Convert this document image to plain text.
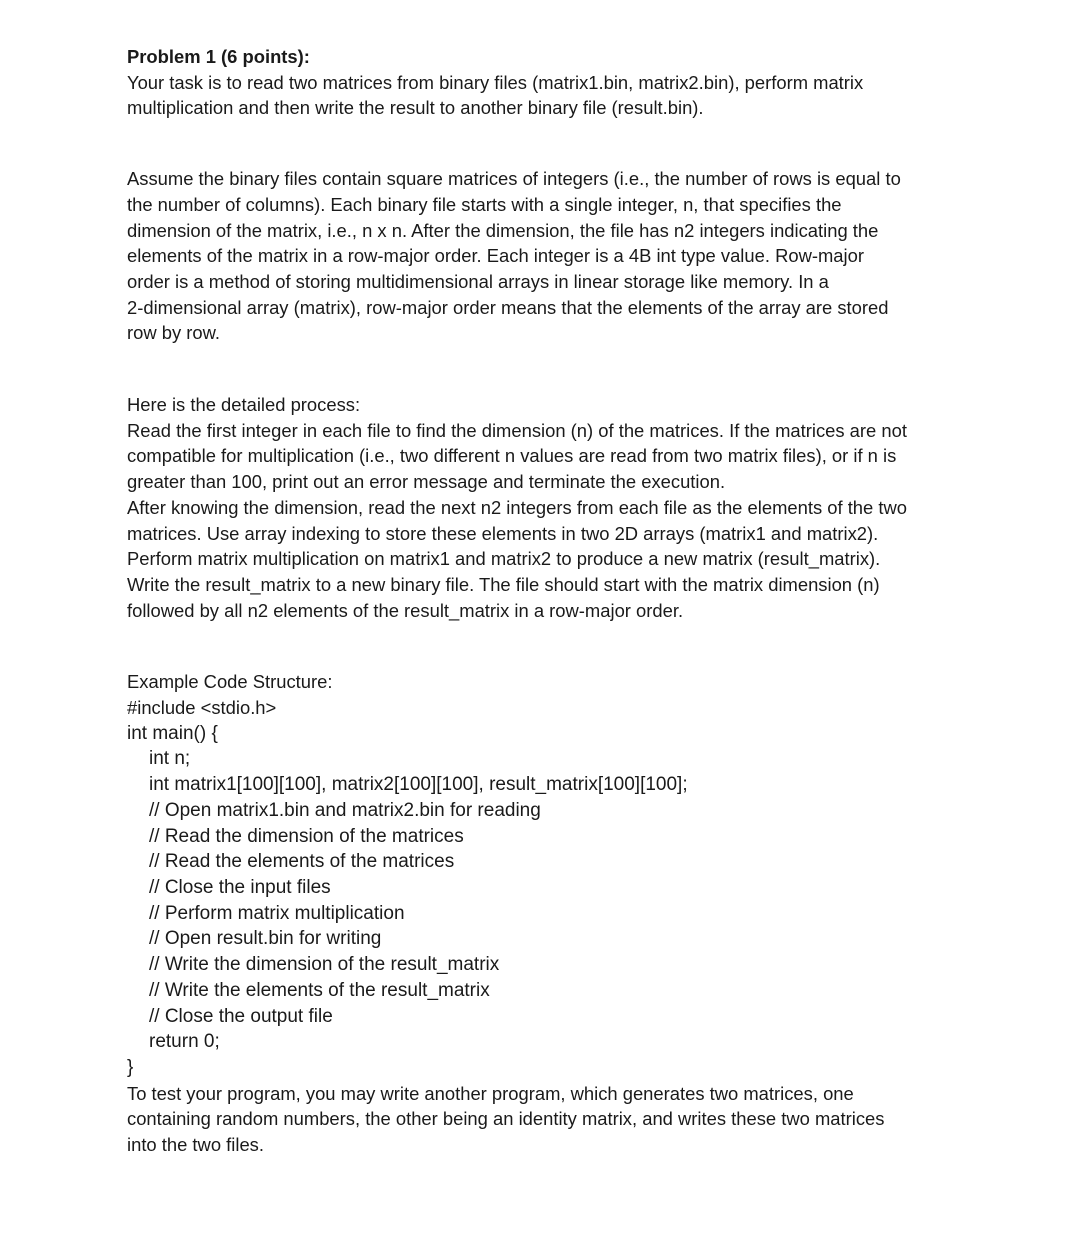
Problem 1 (6 points):
Your task is to read two matrices from binary files (matrix1.bin, matrix2.bin), perform matrix
multiplication and then write the result to another binary file (result.bin).
Assume the binary files contain square matrices of integers (i.e., the number of rows is equal to
the number of columns). Each binary file starts with a single integer, n, that specifies the
dimension of the matrix, i.e., n x n. After the dimension, the file has n2 integers indicating the
elements of the matrix in a row-major order. Each integer is a 4B int type value. Row-major
order is a method of storing multidimensional arrays in linear storage like memory. In a
2-dimensional array (matrix), row-major order means that the elements of the array are stored
row by row.
Here is the detailed process:
Read the first integer in each file to find the dimension (n) of the matrices. If the matrices are not
compatible for multiplication (i.e., two different n values are read from two matrix files), or if n is
greater than 100, print out an error message and terminate the execution.
After knowing the dimension, read the next n2 integers from each file as the elements of the two
matrices. Use array indexing to store these elements in two 2D arrays (matrix1 and matrix2).
Perform matrix multiplication on matrix1 and matrix2 to produce a new matrix (result_matrix).
Write the result_matrix to a new binary file. The file should start with the matrix dimension (n)
followed by all n2 elements of the result_matrix in a row-major order.
Example Code Structure:
#include <stdio.h>
int main() {
int n;
int matrix1[100][100], matrix2[100][100], result_matrix[100][100];
// Open matrix1.bin and matrix2.bin for reading
// Read the dimension of the matrices
// Read the elements of the matrices
// Close the input files
// Perform matrix multiplication
// Open result.bin for writing
// Write the dimension of the result_matrix
// Write the elements of the result_matrix
// Close the output file
return 0;
}
To test your program, you may write another program, which generates two matrices, one
containing random numbers, the other being an identity matrix, and writes these two matrices
into the two files.
